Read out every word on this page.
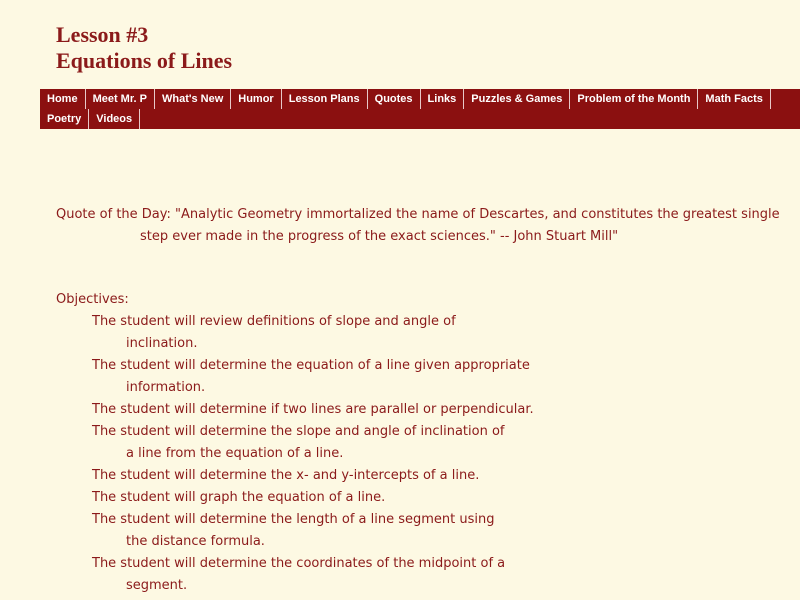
Lesson #3
Equations of Lines
Home	Meet Mr. P	What's New	Humor	Lesson Plans	Quotes	Links	Puzzles & Games	Problem of the Month	Math Facts
Poetry	Videos
Quote of the Day: "Analytic Geometry immortalized the name of Descartes, and constitutes the greatest single
step ever made in the progress of the exact sciences." -- John Stuart Mill"
Objectives:
The student will review definitions of slope and angle of
inclination.
The student will determine the equation of a line given appropriate
information.
The student will determine if two lines are parallel or perpendicular.
The student will determine the slope and angle of inclination of
a line from the equation of a line.
The student will determine the x- and y-intercepts of a line.
The student will graph the equation of a line.
The student will determine the length of a line segment using
the distance formula.
The student will determine the coordinates of the midpoint of a
segment.
